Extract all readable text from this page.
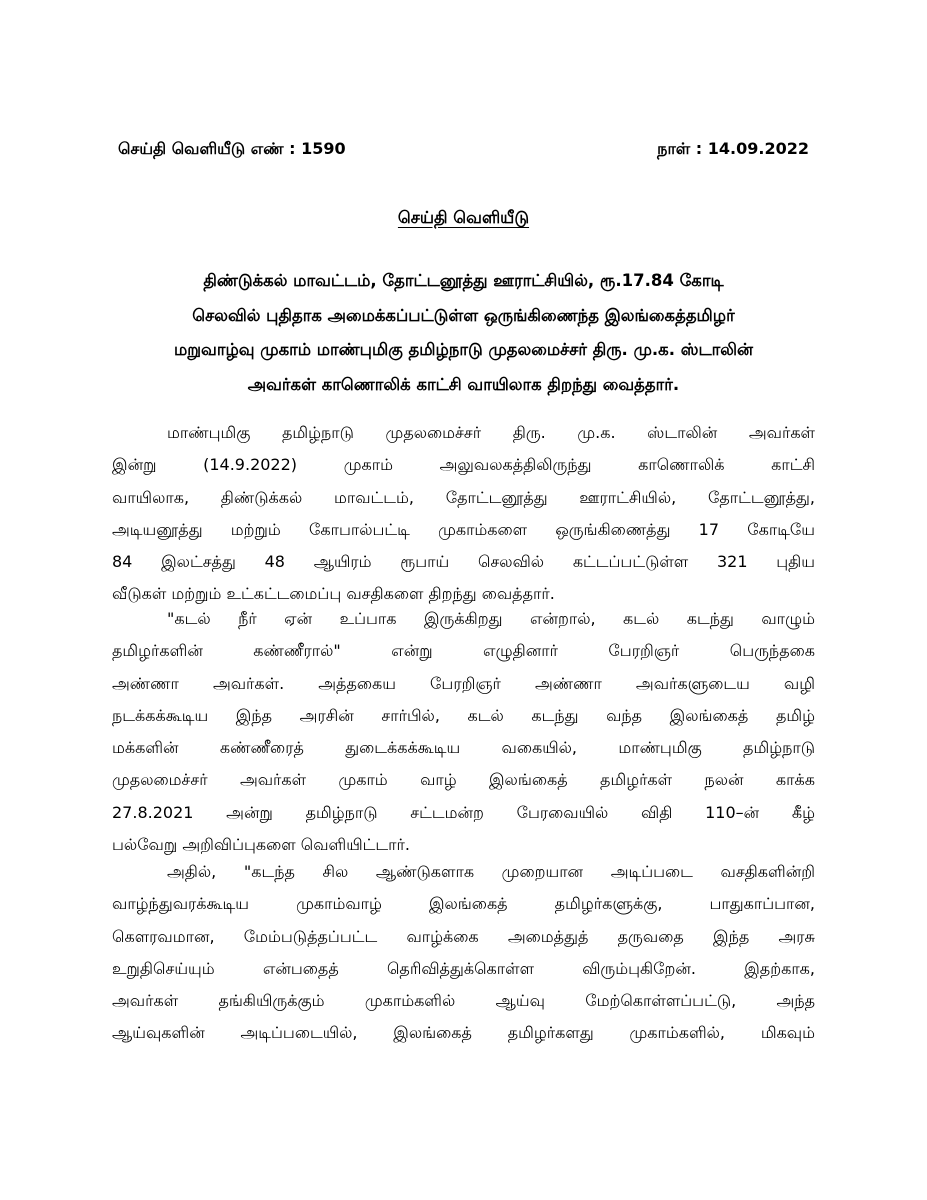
செய்தி வெளியீடு எண் : 1590	நாள் : 14.09.2022
செய்தி வெளியீடு
திண்டுக்கல் மாவட்டம், தோட்டனூத்து ஊராட்சியில், ரூ.17.84 கோடி
செலவில் புதிதாக அமைக்கப்பட்டுள்ள ஒருங்கிணைந்த இலங்கைத்தமிழர்
மறுவாழ்வு முகாம் மாண்புமிகு தமிழ்நாடு முதலமைச்சர் திரு. மு.க. ஸ்டாலின்
அவர்கள் காணொலிக் காட்சி வாயிலாக திறந்து வைத்தார்.
மாண்புமிகு தமிழ்நாடு முதலமைச்சர் திரு. மு.க. ஸ்டாலின் அவர்கள்
இன்று (14.9.2022) முகாம் அலுவலகத்திலிருந்து காணொலிக் காட்சி
வாயிலாக, திண்டுக்கல் மாவட்டம், தோட்டனூத்து ஊராட்சியில், தோட்டனூத்து,
அடியனூத்து மற்றும் கோபால்பட்டி முகாம்களை ஒருங்கிணைத்து 17 கோடியே
84 இலட்சத்து 48 ஆயிரம் ரூபாய் செலவில் கட்டப்பட்டுள்ள 321 புதிய
வீடுகள் மற்றும் உட்கட்டமைப்பு வசதிகளை திறந்து வைத்தார்.
"கடல் நீர் ஏன் உப்பாக இருக்கிறது என்றால், கடல் கடந்து வாழும்
தமிழர்களின் கண்ணீரால்" என்று எழுதினார் பேரறிஞர் பெருந்தகை
அண்ணா அவர்கள். அத்தகைய பேரறிஞர் அண்ணா அவர்களுடைய வழி
நடக்கக்கூடிய இந்த அரசின் சார்பில், கடல் கடந்து வந்த இலங்கைத் தமிழ்
மக்களின் கண்ணீரைத் துடைக்கக்கூடிய வகையில், மாண்புமிகு தமிழ்நாடு
முதலமைச்சர் அவர்கள் முகாம் வாழ் இலங்கைத் தமிழர்கள் நலன் காக்க
27.8.2021 அன்று தமிழ்நாடு சட்டமன்ற பேரவையில் விதி 110–ன் கீழ்
பல்வேறு அறிவிப்புகளை வெளியிட்டார்.
அதில், "கடந்த சில ஆண்டுகளாக முறையான அடிப்படை வசதிகளின்றி
வாழ்ந்துவரக்கூடிய முகாம்வாழ் இலங்கைத் தமிழர்களுக்கு, பாதுகாப்பான,
கௌரவமான, மேம்படுத்தப்பட்ட வாழ்க்கை அமைத்துத் தருவதை இந்த அரசு
உறுதிசெய்யும் என்பதைத் தெரிவித்துக்கொள்ள விரும்புகிறேன். இதற்காக,
அவர்கள் தங்கியிருக்கும் முகாம்களில் ஆய்வு மேற்கொள்ளப்பட்டு, அந்த
ஆய்வுகளின் அடிப்படையில், இலங்கைத் தமிழர்களது முகாம்களில், மிகவும்
